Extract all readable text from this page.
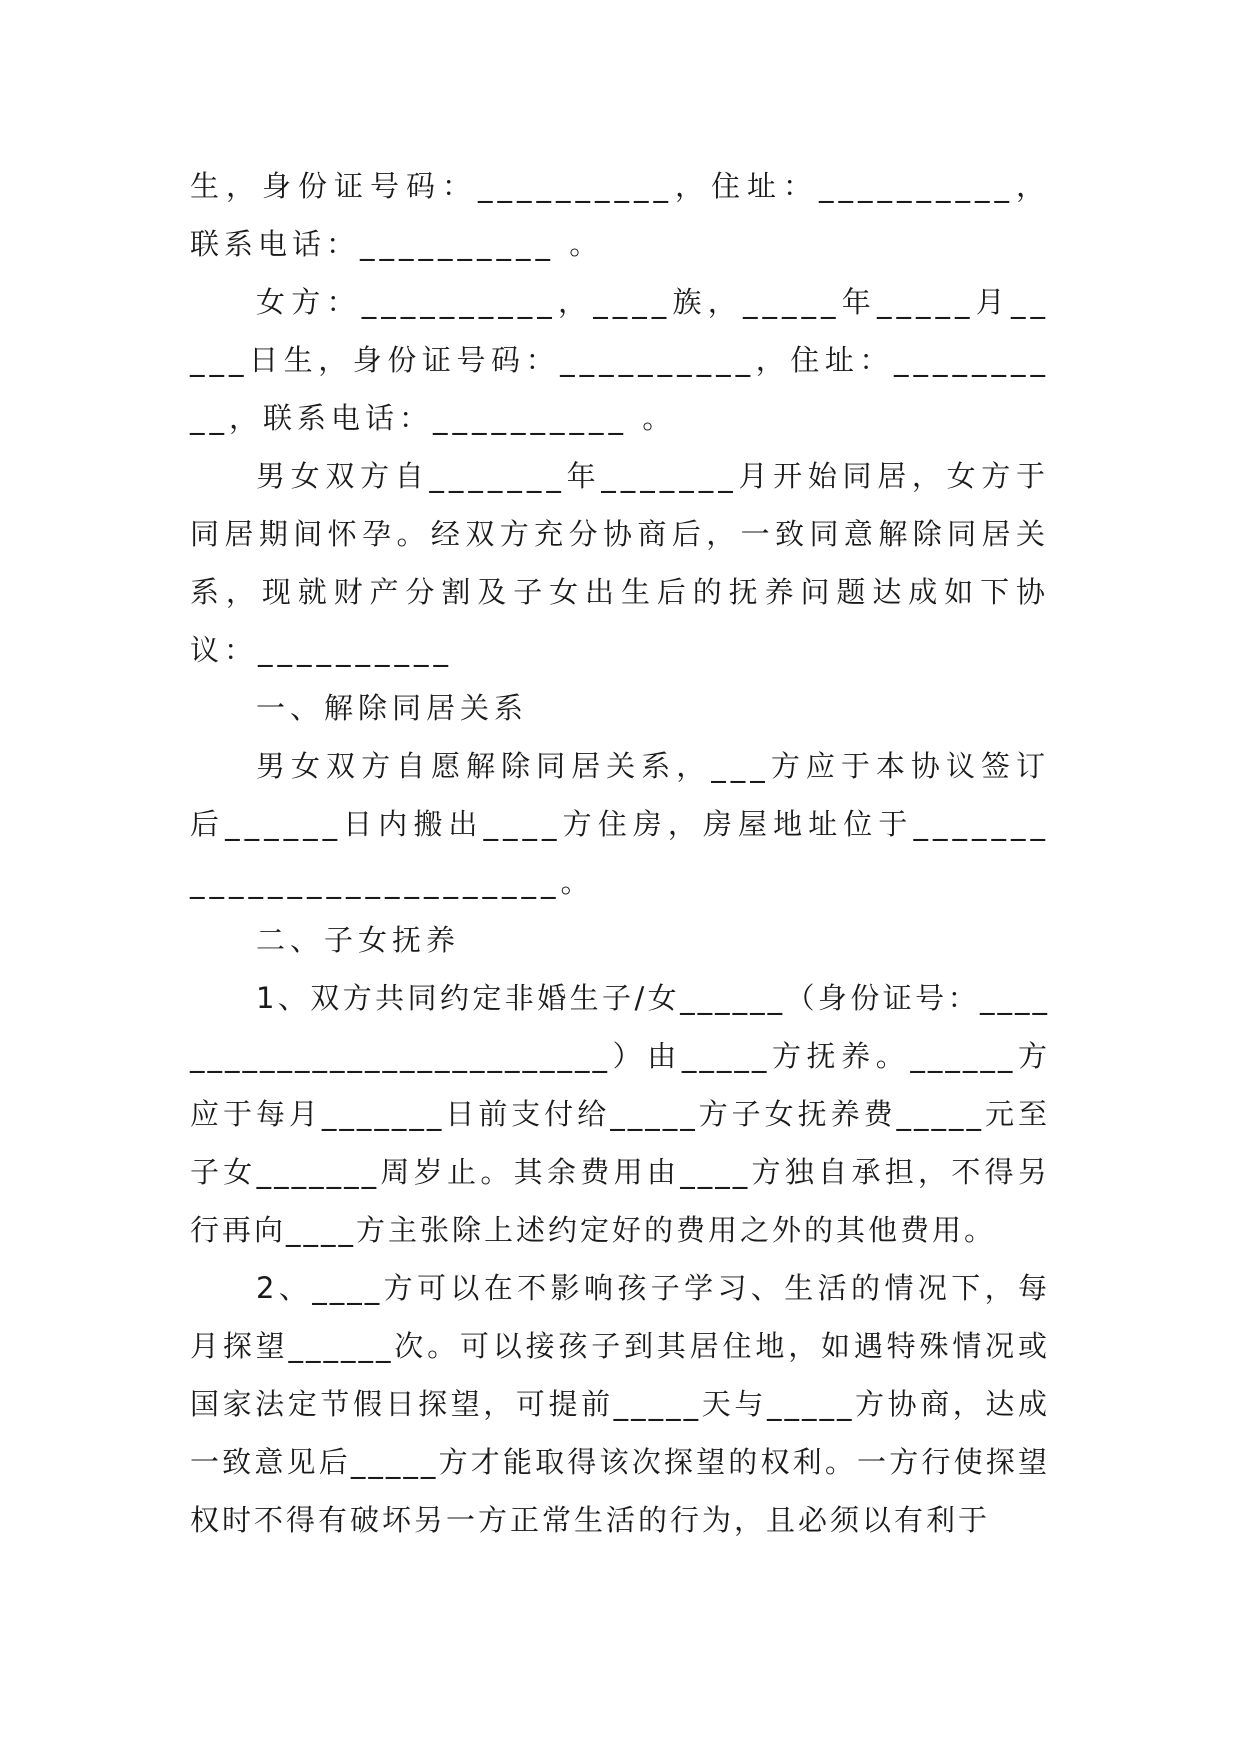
生，身份证号码：__________，住址：__________，联系电话：__________ 。

女方：__________，____族，_____年_____月_____日生，身份证号码：__________，住址：__________，联系电话：__________ 。

男女双方自_______年_______月开始同居，女方于同居期间怀孕。经双方充分协商后，一致同意解除同居关系，现就财产分割及子女出生后的抚养问题达成如下协议：__________

一、解除同居关系

男女双方自愿解除同居关系，___方应于本协议签订后______日内搬出____方住房，房屋地址位于__________________________。

二、子女抚养

1、双方共同约定非婚生子/女______（身份证号：____________________________）由_____方抚养。______方应于每月_______日前支付给_____方子女抚养费_____元至子女_______周岁止。其余费用由____方独自承担，不得另行再向____方主张除上述约定好的费用之外的其他费用。

2、____方可以在不影响孩子学习、生活的情况下，每月探望______次。可以接孩子到其居住地，如遇特殊情况或国家法定节假日探望，可提前_____天与_____方协商，达成一致意见后_____方才能取得该次探望的权利。一方行使探望权时不得有破坏另一方正常生活的行为，且必须以有利于
